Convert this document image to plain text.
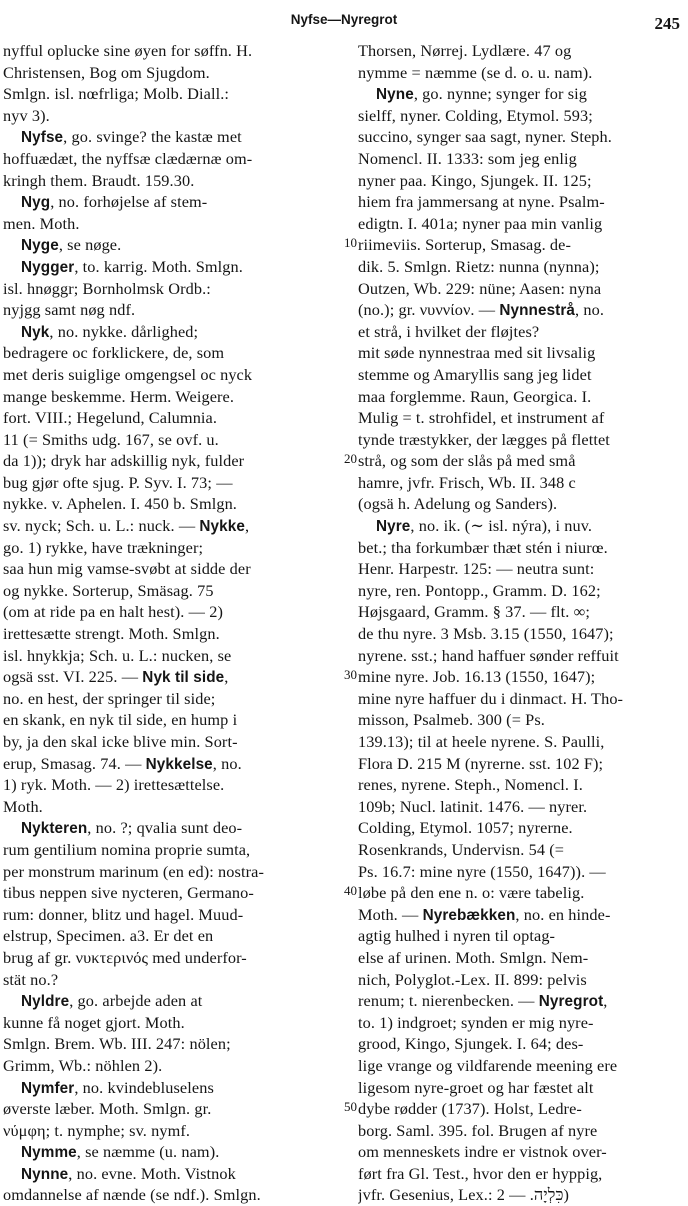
Nyfse—Nyregrot	245
nyfful oplucke sine øyen for søffn. H.
Christensen, Bog om Sjugdom.
Smlgn. isl. nœfrliga; Molb. Diall.:
nyv 3).
Nyfse, go. svinge? the kastæ met
hoffuædæt, the nyffsæ clædærnæ om-
kringh them. Braudt. 159.30.
Nyg, no. forhøjelse af stem-
men. Moth.
Nyge, se nøge.
Nygger, to. karrig. Moth. Smlgn.
isl. hnøggr; Bornholmsk Ordb.:
nyjgg samt nøg ndf.
Nyk, no. nykke. dårlighed;
bedragere oc forklickere, de, som
met deris suiglige omgengsel oc nyck
mange beskemme. Herm. Weigere.
fort. VIII.; Hegelund, Calumnia.
11 (= Smiths udg. 167, se ovf. u.
da 1)); dryk har adskillig nyk, fulder
bug gjør ofte sjug. P. Syv. I. 73; —
nykke. v. Aphelen. I. 450 b. Smlgn.
sv. nyck; Sch. u. L.: nuck. — Nykke,
go. 1) rykke, have trækninger;
saa hun mig vamse-svøbt at sidde der
og nykke. Sorterup, Smäsag. 75
(om at ride pa en halt hest). — 2)
irettesætte strengt. Moth. Smlgn.
isl. hnykkja; Sch. u. L.: nucken, se
ogsä sst. VI. 225. — Nyk til side,
no. en hest, der springer til side;
en skank, en nyk til side, en hump i
by, ja den skal icke blive min. Sort-
erup, Smasag. 74. — Nykkelse, no.
1) ryk. Moth. — 2) irettesættelse.
Moth.
Nykteren, no. ?; qvalia sunt deo-
rum gentilium nomina proprie sumta,
per monstrum marinum (en ed): nostra-
tibus neppen sive nycteren, Germano-
rum: donner, blitz und hagel. Muud-
elstrup, Specimen. a3. Er det en
brug af gr. νυκτερινός med underfor-
stät no.?
Nyldre, go. arbejde aden at
kunne få noget gjort. Moth.
Smlgn. Brem. Wb. III. 247: nölen;
Grimm, Wb.: nöhlen 2).
Nymfer, no. kvindebluselens
øverste læber. Moth. Smlgn. gr.
νύμφη; t. nymphe; sv. nymf.
Nymme, se næmme (u. nam).
Nynne, no. evne. Moth. Vistnok
omdannelse af nænde (se ndf.). Smlgn.
Thorsen, Nørrej. Lydlære. 47 og
nymme = næmme (se d. o. u. nam).
Nyne, go. nynne; synger for sig
sielff, nyner. Colding, Etymol. 593;
succino, synger saa sagt, nyner. Steph.
Nomencl. II. 1333: som jeg enlig
nyner paa. Kingo, Sjungek. II. 125;
hiem fra jammersang at nyne. Psalm-
edigtn. I. 401a; nyner paa min vanlig
riimeviis. Sorterup, Smasag. de-
10
dik. 5. Smlgn. Rietz: nunna (nynna);
Outzen, Wb. 229: nüne; Aasen: nyna
(no.); gr. νυννίον. — Nynnestrå, no.
et strå, i hvilket der fløjtes?
mit søde nynnestraa med sit livsalig
stemme og Amaryllis sang jeg lidet
maa forglemme. Raun, Georgica. I.
Mulig = t. strohfidel, et instrument af
tynde træstykker, der lægges på flettet
strå, og som der slås på med små
20
hamre, jvfr. Frisch, Wb. II. 348 c
(ogsä h. Adelung og Sanders).
Nyre, no. ik. (∼ isl. nýra), i nuv.
bet.; tha forkumbær thæt stén i niurœ.
Henr. Harpestr. 125: — neutra sunt:
nyre, ren. Pontopp., Gramm. D. 162;
Højsgaard, Gramm. § 37. — flt. ∞;
de thu nyre. 3 Msb. 3.15 (1550, 1647);
nyrene. sst.; hand haffuer sønder reffuit
mine nyre. Job. 16.13 (1550, 1647);
30
mine nyre haffuer du i dinmact. H. Tho-
misson, Psalmeb. 300 (= Ps.
139.13); til at heele nyrene. S. Paulli,
Flora D. 215 M (nyrerne. sst. 102 F);
renes, nyrene. Steph., Nomencl. I.
109b; Nucl. latinit. 1476. — nyrer.
Colding, Etymol. 1057; nyrerne.
Rosenkrands, Undervisn. 54 (=
Ps. 16.7: mine nyre (1550, 1647)). —
løbe på den ene n. o: være tabelig.
40
Moth. — Nyrebækken, no. en hinde-
agtig hulhed i nyren til optag-
else af urinen. Moth. Smlgn. Nem-
nich, Polyglot.-Lex. II. 899: pelvis
renum; t. nierenbecken. — Nyregrot,
to. 1) indgroet; synden er mig nyre-
grood, Kingo, Sjungek. I. 64; des-
lige vrange og vildfarende meening ere
ligesom nyre-groet og har fæstet alt
dybe rødder (1737). Holst, Ledre-
50
borg. Saml. 395. fol. Brugen af nyre
om menneskets indre er vistnok over-
ført fra Gl. Test., hvor den er hyppig,
jvfr. Gesenius, Lex.: כִּלְיָה. — 2)
